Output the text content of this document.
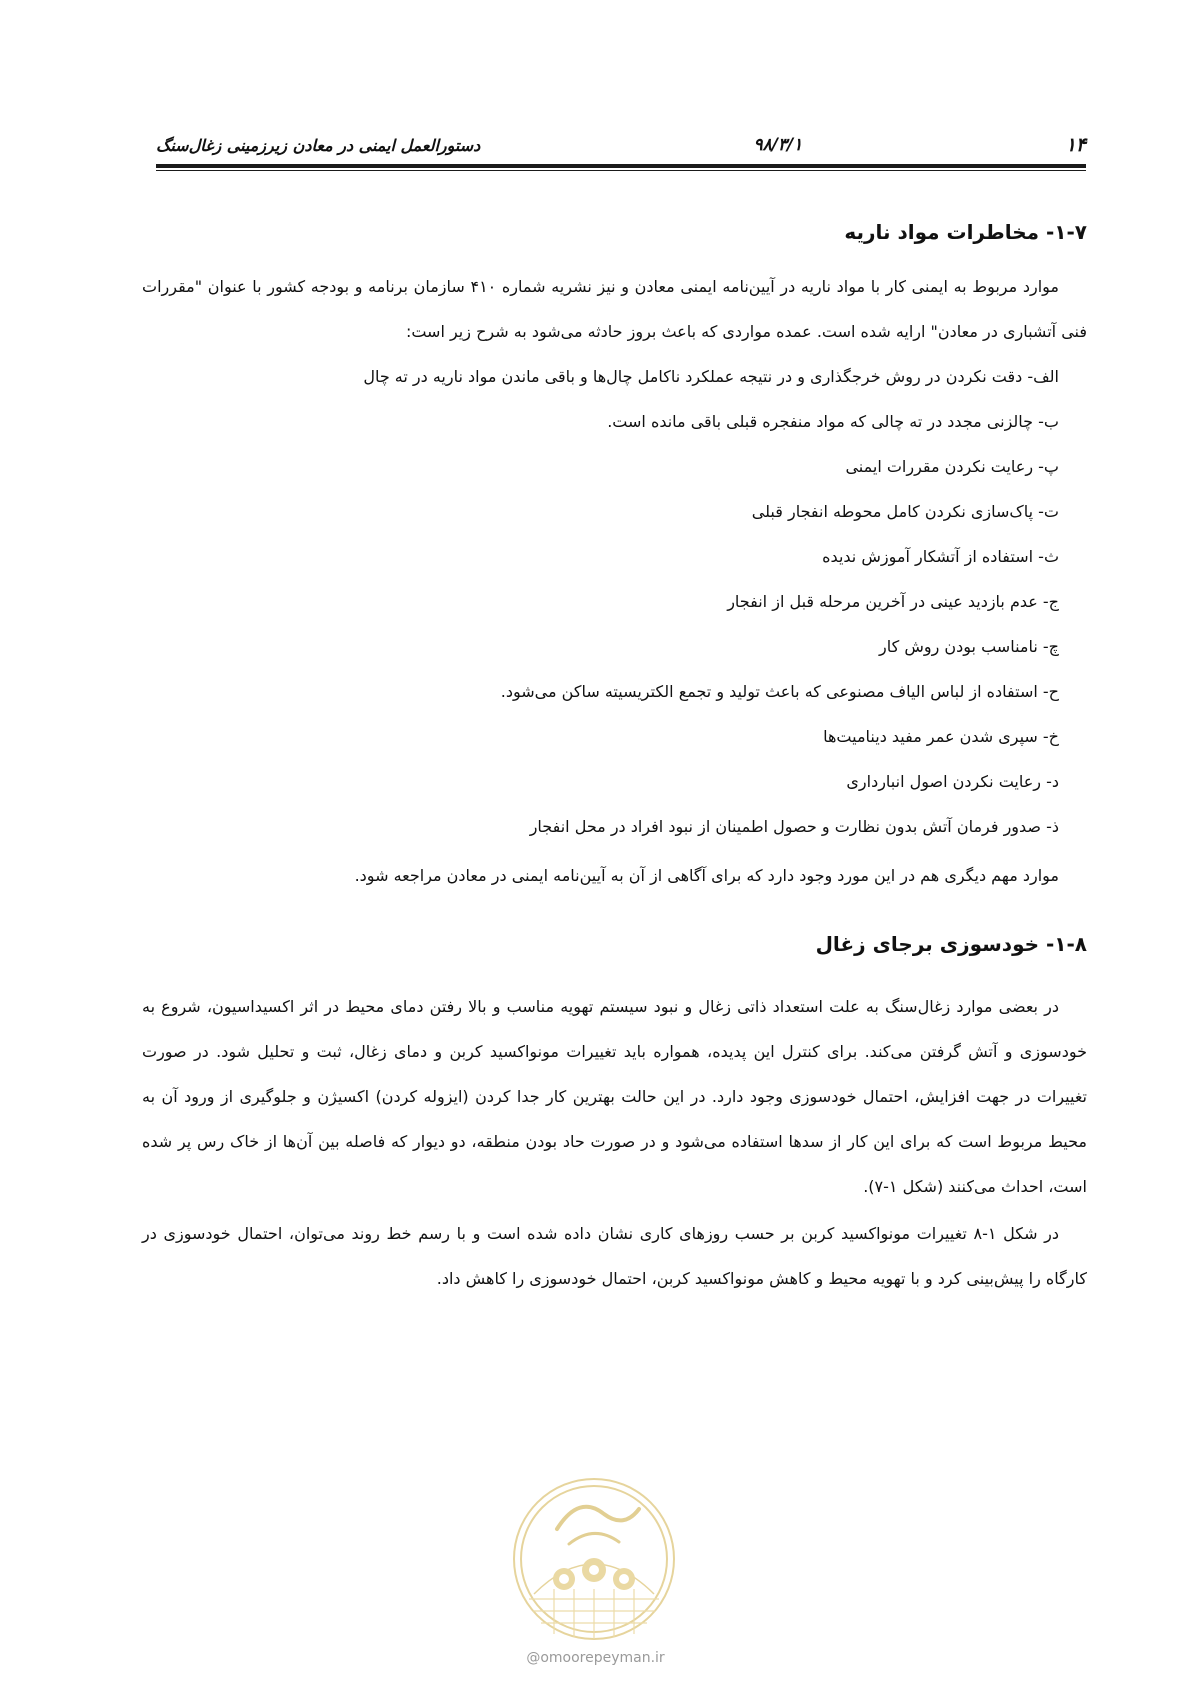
۱۴
۹۸/۳/۱
دستورالعمل ایمنی در معادن زیرزمینی زغال‌سنگ
۱-۷- مخاطرات مواد ناریه

موارد مربوط به ایمنی کار با مواد ناریه در آیین‌نامه ایمنی معادن و نیز نشریه شماره ۴۱۰ سازمان برنامه و بودجه کشور با عنوان "مقررات فنی آتشباری در معادن" ارایه شده است. عمده مواردی که باعث بروز حادثه می‌شود به شرح زیر است:

الف- دقت نکردن در روش خرجگذاری و در نتیجه عملکرد ناکامل چال‌ها و باقی ماندن مواد ناریه در ته چال
ب- چالزنی مجدد در ته چالی که مواد منفجره قبلی باقی مانده است.
پ- رعایت نکردن مقررات ایمنی
ت- پاک‌سازی نکردن کامل محوطه انفجار قبلی
ث- استفاده از آتشکار آموزش ندیده
ج- عدم بازدید عینی در آخرین مرحله قبل از انفجار
چ- نامناسب بودن روش کار
ح- استفاده از لباس الیاف مصنوعی که باعث تولید و تجمع الکتریسیته ساکن می‌شود.
خ- سپری شدن عمر مفید دینامیت‌ها
د- رعایت نکردن اصول انبارداری
ذ- صدور فرمان آتش بدون نظارت و حصول اطمینان از نبود افراد در محل انفجار

موارد مهم دیگری هم در این مورد وجود دارد که برای آگاهی از آن به آیین‌نامه ایمنی در معادن مراجعه شود.

۱-۸- خودسوزی برجای زغال

در بعضی موارد زغال‌سنگ به علت استعداد ذاتی زغال و نبود سیستم تهویه مناسب و بالا رفتن دمای محیط در اثر اکسیداسیون، شروع به خودسوزی و آتش گرفتن می‌کند. برای کنترل این پدیده، همواره باید تغییرات مونواکسید کربن و دمای زغال، ثبت و تحلیل شود. در صورت تغییرات در جهت افزایش، احتمال خودسوزی وجود دارد. در این حالت بهترین کار جدا کردن (ایزوله کردن) اکسیژن و جلوگیری از ورود آن به محیط مربوط است که برای این کار از سدها استفاده می‌شود و در صورت حاد بودن منطقه، دو دیوار که فاصله بین آن‌ها از خاک رس پر شده است، احداث می‌کنند (شکل ۱-۷).

در شکل ۱-۸ تغییرات مونواکسید کربن بر حسب روزهای کاری نشان داده شده است و با رسم خط روند می‌توان، احتمال خودسوزی در کارگاه را پیش‌بینی کرد و با تهویه محیط و کاهش مونواکسید کربن، احتمال خودسوزی را کاهش داد.

@omoorepeyman.ir
